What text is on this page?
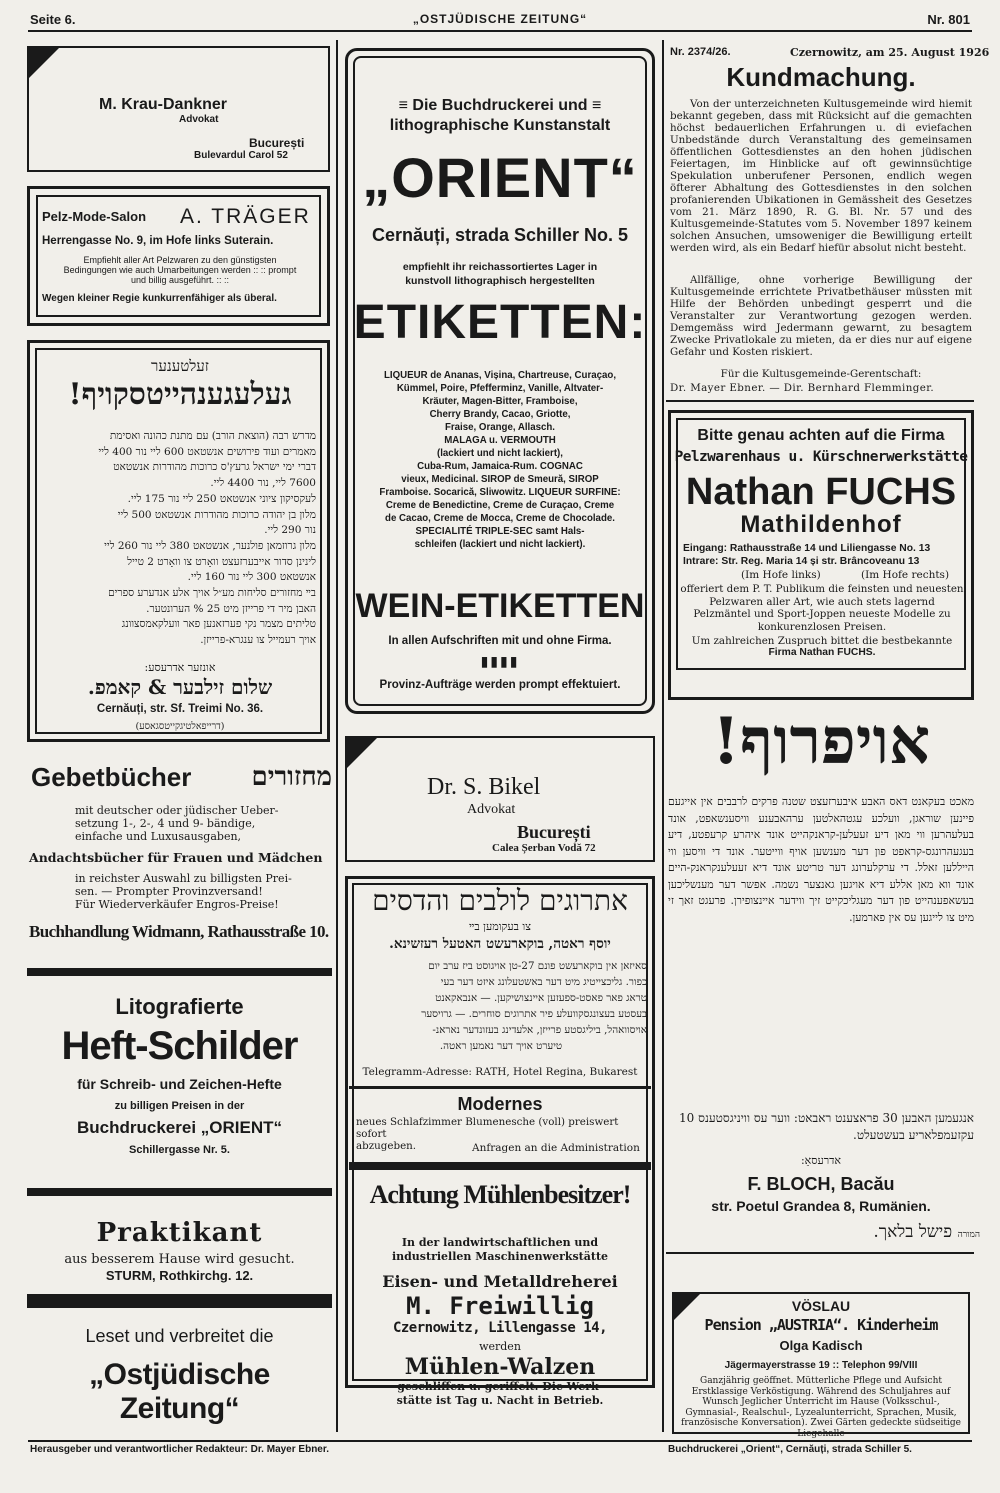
Seite 6.	„OSTJÜDISCHE ZEITUNG“	Nr. 801
M. Krau-Dankner
Advokat
București
Bulevardul Carol 52
Pelz-Mode-Salon A. TRÄGER
Herrengasse No. 9, im Hofe links Suterain.
Empfiehlt aller Art Pelzwaren zu den günstigsten Bedingungen wie auch Umarbeitungen werden :: :: prompt und billig ausgeführt. :: ::
Wegen kleiner Regie kunkurrenfähiger als überal.
זעלטענער
געלעגענהייטסקויף!
מדרש רבה (הוצאת הורב) עם מתנת כהונה ואסימת
מאמרים ועוד פירושים אנשטאט 600 ליי נור 400 ליי
דברי ימי ישראל גרעץ'ס כרוכות מהודרות אנשטאט
7600 ליי, נור 4400 ליי.
לעקסיקון ציוני אנשטאט 250 ליי נור 175 ליי.
מלון בן יהודה כרוכות מהודרות אנשטאט 500 ליי
נור 290 ליי.
מלון גרוזמאן פולנער, אנשטאט 380 ליי נור 260 ליי
לינינן סדור אייבערזעצט וואָרט צו וואָרט 2 טייל
אנשטאט 300 ליי נור 160 ליי.
בײ מחזורים סליחות מע״ל אויך אלע אנדערע ספרים
האבן מיר די פרייזן מיט 25 % הערונטער.
טליתים מצמר נקי פערזאנען פאר וועלקאמסצוונג
אויך רעמייל צו ענגרא-פרייזן.
אונזער אדרעסע:
שלום זילבער & קאמפ.
Cernăuți, str. Sf. Treimi No. 36.
(דרייפאלטיגקייטסגאסע)
Gebetbücher	מחזורים
mit deutscher oder jüdischer Ueber-
setzung 1-, 2-, 4 und 9- bändige,
einfache und Luxusausgaben,
Andachtsbücher für Frauen und Mädchen
in reichster Auswahl zu billigsten Prei-
sen. — Prompter Provinzversand!
Für Wiederverkäufer Engros-Preise!
Buchhandlung Widmann, Rathausstraße 10.
Litografierte
Heft-Schilder
für Schreib- und Zeichen-Hefte
zu billigen Preisen in der
Buchdruckerei „ORIENT“
Schillergasse Nr. 5.
Praktikant
aus besserem Hause wird gesucht.
STURM, Rothkirchg. 12.
Leset und verbreitet die
„Ostjüdische Zeitung“
≡ Die Buchdruckerei und ≡
lithographische Kunstanstalt
„ORIENT“
Cernăuți, strada Schiller No. 5
empfiehlt ihr reichassortiertes Lager in
kunstvoll lithographisch hergestellten
ETIKETTEN:
LIQUEUR de Ananas, Vișina, Chartreuse, Curaçao,
Kümmel, Poire, Pfefferminz, Vanille, Altvater-
Kräuter, Magen-Bitter, Framboise,
Cherry Brandy, Cacao, Griotte,
Fraise, Orange, Allasch.
MALAGA u. VERMOUTH
(lackiert und nicht lackiert),
Cuba-Rum, Jamaica-Rum. COGNAC
vieux, Medicinal. SIROP de Smeură, SIROP
Framboise. Socarică, Sliwowitz. LIQUEUR SURFINE:
Creme de Benedictine, Creme de Curaçao, Creme
de Cacao, Creme de Mocca, Creme de Chocolade.
SPECIALITÉ TRIPLE-SEC samt Hals-
schleifen (lackiert und nicht lackiert).
WEIN-ETIKETTEN
In allen Aufschriften mit und ohne Firma.
▮▮▮▮
Provinz-Aufträge werden prompt effektuiert.
Dr. S. Bikel
Advokat
București
Calea Șerban Vodă 72
אתרוגים לולבים והדסים
צו בעקומען בײ
יוסף ראטה, בוקארעשט האטעל רעזשינא.
סאיזאן אין בוקארעשט פונם 27-טן אויגוסט ביז ערב יום
כפור. גליכצייטיג מיט דער באשטעלונג איזט דער בעי
טראג פאר פאסט-ספעזען איינצושיקען. — אנבאקאנט
בעסטע בעצונגסקוועלע פיר אתרוגים סוחרים. — גרויסער
אויסוואהל, ביליגסטע פרייזן, אלעדינג בעזונדער נאראנ-
טיערט אויך דער נאמען ראטה.
Telegramm-Adresse: RATH, Hotel Regina, Bukarest
Modernes
neues Schlafzimmer Blumenesche (voll) preiswert sofort
abzugeben.	Anfragen an die Administration
Achtung Mühlenbesitzer!
In der landwirtschaftlichen und
industriellen Maschinenwerkstätte
Eisen- und Metalldreherei
M. Freiwillig
Czernowitz, Lillengasse 14,
werden
Mühlen-Walzen
geschliffen u. geriffelt. Die Werk-
stätte ist Tag u. Nacht in Betrieb.
Nr. 2374/26.	Czernowitz, am 25. August 1926
Kundmachung.
Von der unterzeichneten Kultusgemeinde wird hiemit bekannt gegeben, dass mit Rücksicht auf die gemachten höchst bedauerlichen Erfahrungen u. di eviefachen Unbedstände durch Veranstaltung des gemeinsamen öffentlichen Gottesdienstes an den hohen jüdischen Feiertagen, im Hinblicke auf oft gewinnsüchtige Spekulation unberufener Personen, endlich wegen öfterer Abhaltung des Gottesdienstes in den solchen profanierenden Ubikationen in Gemässheit des Gesetzes vom 21. März 1890, R. G. Bl. Nr. 57 und des Kultusgemeinde-Statutes vom 5. November 1897 keinem solchen Ansuchen, umsoweniger die Bewilligung erteilt werden wird, als ein Bedarf hiefür absolut nicht besteht.
Allfällige, ohne vorherige Bewilligung der Kultusgemeinde errichtete Privatbethäuser müssten mit Hilfe der Behörden unbedingt gesperrt und die Veranstalter zur Verantwortung gezogen werden. Demgemäss wird Jedermann gewarnt, zu besagtem Zwecke Privatlokale zu mieten, da er dies nur auf eigene Gefahr und Kosten riskiert.
Für die Kultusgemeinde-Gerentschaft:
Dr. Mayer Ebner. — Dir. Bernhard Flemminger.
Bitte genau achten auf die Firma
Pelzwarenhaus u. Kürschnerwerkstätte
Nathan FUCHS
Mathildenhof
Eingang: Rathausstraße 14 und Liliengasse No. 13
Intrare: Str. Reg. Maria 14 și str. Brâncoveanu 13
(Im Hofe links)	(Im Hofe rechts)
offeriert dem P. T. Publikum die feinsten und neuesten Pelzwaren aller Art, wie auch stets lagernd Pelzmäntel und Sport-Joppen neueste Modelle zu konkurenzlosen Preisen.
Um zahlreichen Zuspruch bittet die bestbekannte
Firma Nathan FUCHS.
אויפרוף!
מאכט בעקאנט דאס האבע איבערזעצט שטנה פרקים לרבבים אין אייגעם פיינען שוראגן, וועלכע עגטהאלטען ערהאבענע וויסענשאפט, אונד בעלעהרען ווי מאן דיע זעעלען-קראנקהייט אונד איהרע קרעפטע, דיע בעגעהרונגס-קראפט פון דער מענשען אויף ווייטער. אונד די וויסען ווי הייללען זאלל. די ערקלערונג דער טריטע אונד דיא זעעלענקראנק-היים אונד ווא מאן אללע דיא אויגען גאנצער נשמה. אפשר דער מענשליכען בעשאפענהייט פון דער מעגליכקייט זיך ווידער איינצופירן. פרעגט זאך זי מיט צו לייגען עס אין פארמען.
אנגעמען האבען 30 פראצענט ראבאט: ווער עס וויניגסטענס 10 עקזעמפלאריע בעשטעלט.
אדרעסאֵ:
F. BLOCH, Bacău
str. Poetul Grandea 8, Rumänien.
המורה פישל בלאך.
VÖSLAU
Pension „AUSTRIA“. Kinderheim
Olga Kadisch
Jägermayerstrasse 19 :: Telephon 99/VIII
Ganzjährig geöffnet. Mütterliche Pflege und Aufsicht Erstklassige Verköstigung. Während des Schuljahres auf Wunsch Jeglicher Unterricht im Hause (Volksschul-, Gymnasial-, Realschul-, Lyzealunterricht, Sprachen, Musik, französische Konversation). Zwei Gärten gedeckte südseitige Liegehalle
Herausgeber und verantwortlicher Redakteur: Dr. Mayer Ebner.	Buchdruckerei „Orient“, Cernăuți, strada Schiller 5.
